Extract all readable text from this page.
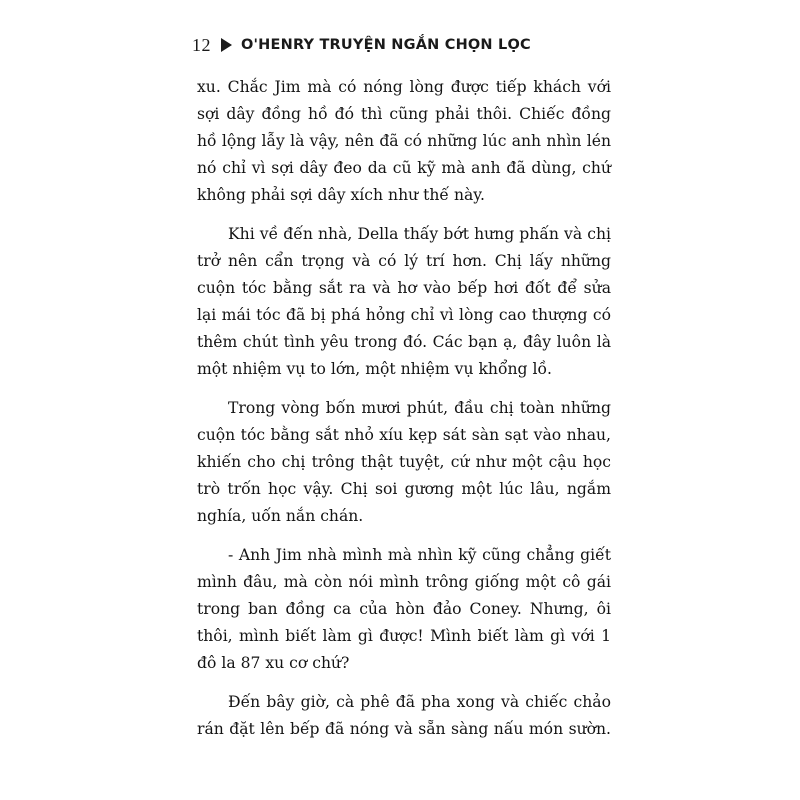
12 O'HENRY TRUYỆN NGẮN CHỌN LỌC

xu. Chắc Jim mà có nóng lòng được tiếp khách với
sợi dây đồng hồ đó thì cũng phải thôi. Chiếc đồng
hồ lộng lẫy là vậy, nên đã có những lúc anh nhìn lén
nó chỉ vì sợi dây đeo da cũ kỹ mà anh đã dùng, chứ
không phải sợi dây xích như thế này.

Khi về đến nhà, Della thấy bớt hưng phấn và chị
trở nên cẩn trọng và có lý trí hơn. Chị lấy những
cuộn tóc bằng sắt ra và hơ vào bếp hơi đốt để sửa
lại mái tóc đã bị phá hỏng chỉ vì lòng cao thượng có
thêm chút tình yêu trong đó. Các bạn ạ, đây luôn là
một nhiệm vụ to lớn, một nhiệm vụ khổng lồ.

Trong vòng bốn mươi phút, đầu chị toàn những
cuộn tóc bằng sắt nhỏ xíu kẹp sát sàn sạt vào nhau,
khiến cho chị trông thật tuyệt, cứ như một cậu học
trò trốn học vậy. Chị soi gương một lúc lâu, ngắm
nghía, uốn nắn chán.

- Anh Jim nhà mình mà nhìn kỹ cũng chẳng giết
mình đâu, mà còn nói mình trông giống một cô gái
trong ban đồng ca của hòn đảo Coney. Nhưng, ôi
thôi, mình biết làm gì được! Mình biết làm gì với 1
đô la 87 xu cơ chứ?

Đến bây giờ, cà phê đã pha xong và chiếc chảo
rán đặt lên bếp đã nóng và sẵn sàng nấu món sườn.
